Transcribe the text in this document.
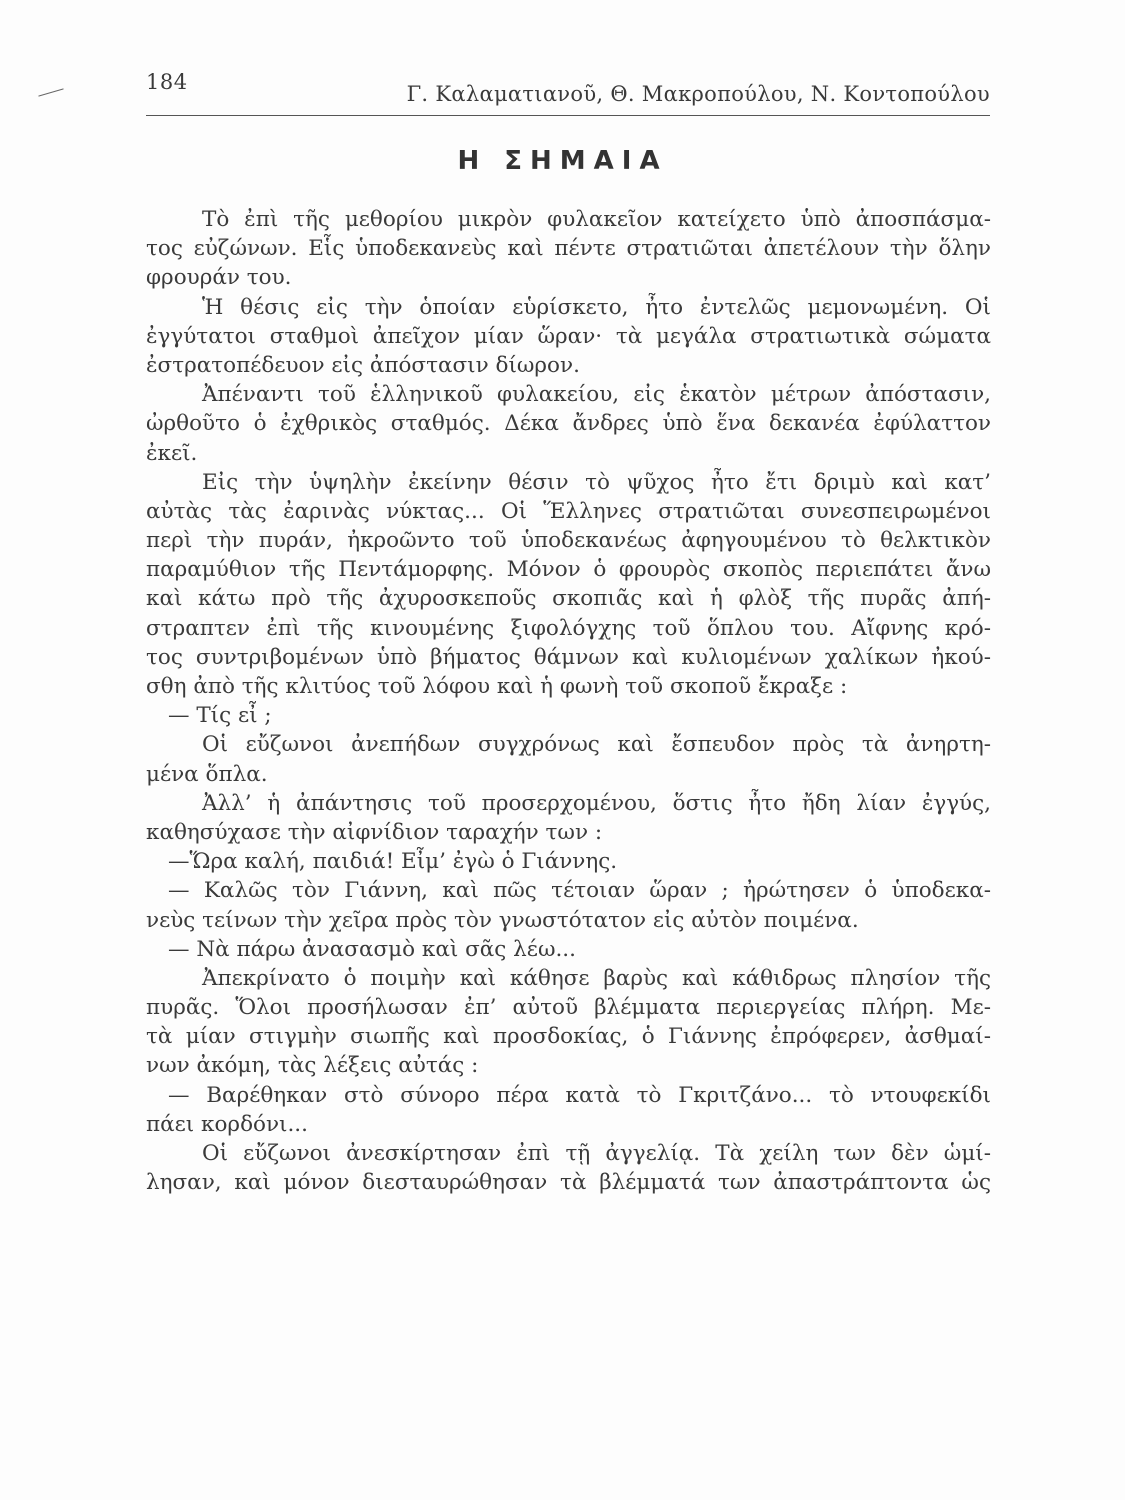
184	Γ. Καλαματιανοῦ, Θ. Μακροπούλου, Ν. Κοντοπούλου
Η ΣΗΜΑΙΑ
Τὸ ἐπὶ τῆς μεθορίου μικρὸν φυλακεῖον κατείχετο ὑπὸ ἀποσπάσμα-
τος εὐζώνων. Εἷς ὑποδεκανεὺς καὶ πέντε στρατιῶται ἀπετέλουν τὴν ὅλην
φρουράν του.
Ἡ θέσις εἰς τὴν ὁποίαν εὑρίσκετο, ἦτο ἐντελῶς μεμονωμένη. Οἱ
ἐγγύτατοι σταθμοὶ ἀπεῖχον μίαν ὥραν· τὰ μεγάλα στρατιωτικὰ σώματα
ἐστρατοπέδευον εἰς ἀπόστασιν δίωρον.
Ἀπέναντι τοῦ ἑλληνικοῦ φυλακείου, εἰς ἑκατὸν μέτρων ἀπόστασιν,
ὠρθοῦτο ὁ ἐχθρικὸς σταθμός. Δέκα ἄνδρες ὑπὸ ἕνα δεκανέα ἐφύλαττον
ἐκεῖ.
Εἰς τὴν ὑψηλὴν ἐκείνην θέσιν τὸ ψῦχος ἦτο ἔτι δριμὺ καὶ κατ’
αὐτὰς τὰς ἐαρινὰς νύκτας... Οἱ Ἕλληνες στρατιῶται συνεσπειρωμένοι
περὶ τὴν πυράν, ἠκροῶντο τοῦ ὑποδεκανέως ἀφηγουμένου τὸ θελκτικὸν
παραμύθιον τῆς Πεντάμορφης. Μόνον ὁ φρουρὸς σκοπὸς περιεπάτει ἄνω
καὶ κάτω πρὸ τῆς ἀχυροσκεποῦς σκοπιᾶς καὶ ἡ φλὸξ τῆς πυρᾶς ἀπή-
στραπτεν ἐπὶ τῆς κινουμένης ξιφολόγχης τοῦ ὅπλου του. Αἴφνης κρό-
τος συντριβομένων ὑπὸ βήματος θάμνων καὶ κυλιομένων χαλίκων ἠκού-
σθη ἀπὸ τῆς κλιτύος τοῦ λόφου καὶ ἡ φωνὴ τοῦ σκοποῦ ἔκραξε :
— Τίς εἶ ;
Οἱ εὔζωνοι ἀνεπήδων συγχρόνως καὶ ἔσπευδον πρὸς τὰ ἀνηρτη-
μένα ὅπλα.
Ἀλλ’ ἡ ἀπάντησις τοῦ προσερχομένου, ὅστις ἦτο ἤδη λίαν ἐγγύς,
καθησύχασε τὴν αἰφνίδιον ταραχήν των :
—Ὥρα καλή, παιδιά! Εἶμ’ ἐγὼ ὁ Γιάννης.
— Καλῶς τὸν Γιάννη, καὶ πῶς τέτοιαν ὥραν ; ἠρώτησεν ὁ ὑποδεκα-
νεὺς τείνων τὴν χεῖρα πρὸς τὸν γνωστότατον εἰς αὐτὸν ποιμένα.
— Νὰ πάρω ἀνασασμὸ καὶ σᾶς λέω...
Ἀπεκρίνατο ὁ ποιμὴν καὶ κάθησε βαρὺς καὶ κάθιδρως πλησίον τῆς
πυρᾶς. Ὅλοι προσήλωσαν ἐπ’ αὐτοῦ βλέμματα περιεργείας πλήρη. Με-
τὰ μίαν στιγμὴν σιωπῆς καὶ προσδοκίας, ὁ Γιάννης ἐπρόφερεν, ἀσθμαί-
νων ἀκόμη, τὰς λέξεις αὐτάς :
— Βαρέθηκαν στὸ σύνορο πέρα κατὰ τὸ Γκριτζάνο... τὸ ντουφεκίδι
πάει κορδόνι...
Οἱ εὔζωνοι ἀνεσκίρτησαν ἐπὶ τῇ ἀγγελίᾳ. Τὰ χείλη των δὲν ὡμί-
λησαν, καὶ μόνον διεσταυρώθησαν τὰ βλέμματά των ἀπαστράπτοντα ὡς
